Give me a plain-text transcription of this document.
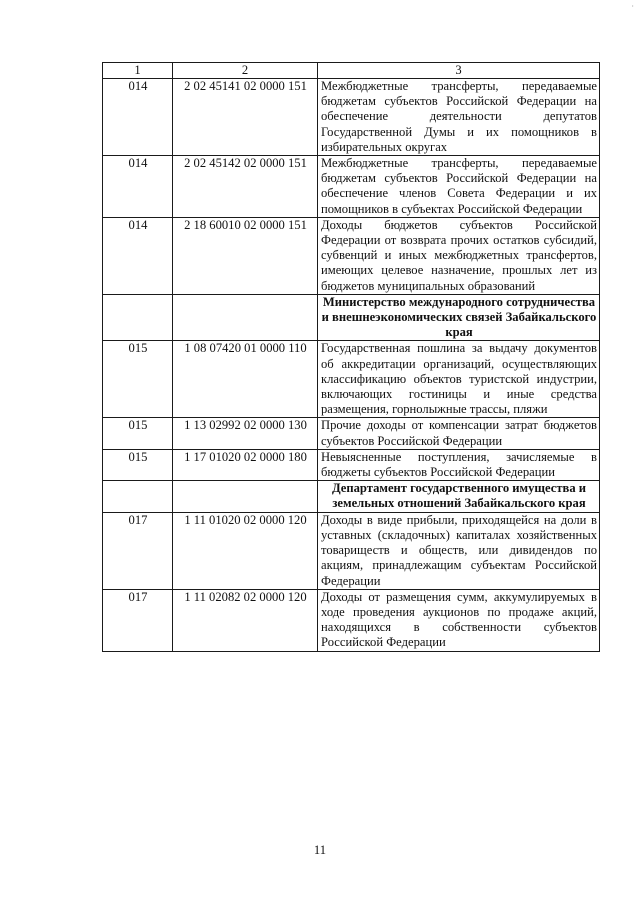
·
1	2	3
014	2 02 45141 02 0000 151	Межбюджетные трансферты, передаваемые бюджетам субъектов Российской Федерации на обеспечение деятельности депутатов Государственной Думы и их помощников в избирательных округах
014	2 02 45142 02 0000 151	Межбюджетные трансферты, передаваемые бюджетам субъектов Российской Федерации на обеспечение членов Совета Федерации и их помощников в субъектах Российской Федерации
014	2 18 60010 02 0000 151	Доходы бюджетов субъектов Российской Федерации от возврата прочих остатков субсидий, субвенций и иных межбюджетных трансфертов, имеющих целевое назначение, прошлых лет из бюджетов муниципальных образований
		Министерство международного сотрудничества и внешнеэкономических связей Забайкальского края
015	1 08 07420 01 0000 110	Государственная пошлина за выдачу документов об аккредитации организаций, осуществляющих классификацию объектов туристской индустрии, включающих гостиницы и иные средства размещения, горнолыжные трассы, пляжи
015	1 13 02992 02 0000 130	Прочие доходы от компенсации затрат бюджетов субъектов Российской Федерации
015	1 17 01020 02 0000 180	Невыясненные поступления, зачисляемые в бюджеты субъектов Российской Федерации
		Департамент государственного имущества и земельных отношений Забайкальского края
017	1 11 01020 02 0000 120	Доходы в виде прибыли, приходящейся на доли в уставных (складочных) капиталах хозяйственных товариществ и обществ, или дивидендов по акциям, принадлежащим субъектам Российской Федерации
017	1 11 02082 02 0000 120	Доходы от размещения сумм, аккумулируемых в ходе проведения аукционов по продаже акций, находящихся в собственности субъектов Российской Федерации
11
